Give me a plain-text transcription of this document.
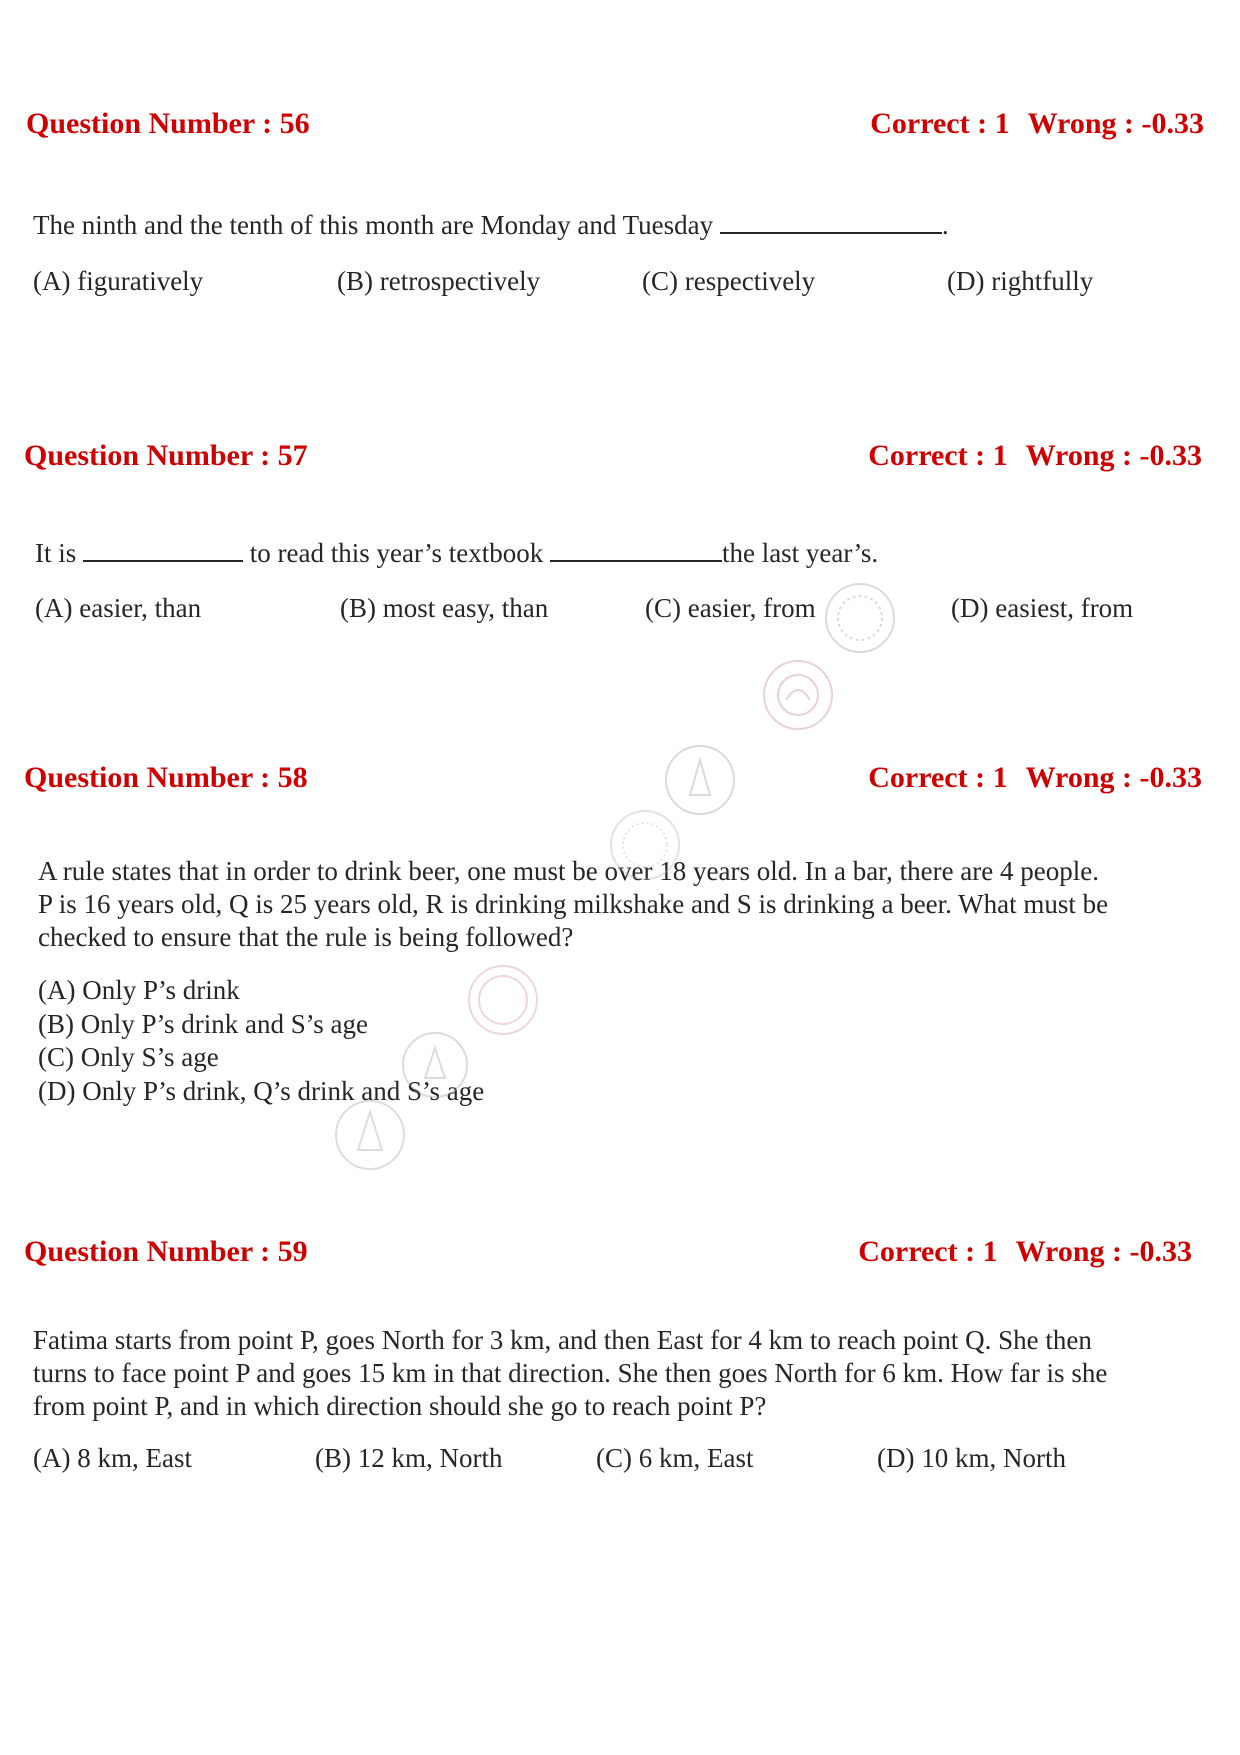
Question Number : 56	Correct : 1 Wrong : -0.33
The ninth and the tenth of this month are Monday and Tuesday	.
(A) figuratively	(B) retrospectively	(C) respectively	(D) rightfully
Question Number : 57	Correct : 1 Wrong : -0.33
It is	to read this year’s textbook	the last year’s.
(A) easier, than	(B) most easy, than	(C) easier, from	(D) easiest, from
Question Number : 58	Correct : 1 Wrong : -0.33
A rule states that in order to drink beer, one must be over 18 years old. In a bar, there are 4 people.
P is 16 years old, Q is 25 years old, R is drinking milkshake and S is drinking a beer. What must be
checked to ensure that the rule is being followed?
(A) Only P’s drink
(B) Only P’s drink and S’s age
(C) Only S’s age
(D) Only P’s drink, Q’s drink and S’s age
Question Number : 59	Correct : 1 Wrong : -0.33
Fatima starts from point P, goes North for 3 km, and then East for 4 km to reach point Q. She then
turns to face point P and goes 15 km in that direction. She then goes North for 6 km. How far is she
from point P, and in which direction should she go to reach point P?
(A) 8 km, East	(B) 12 km, North	(C) 6 km, East	(D) 10 km, North
